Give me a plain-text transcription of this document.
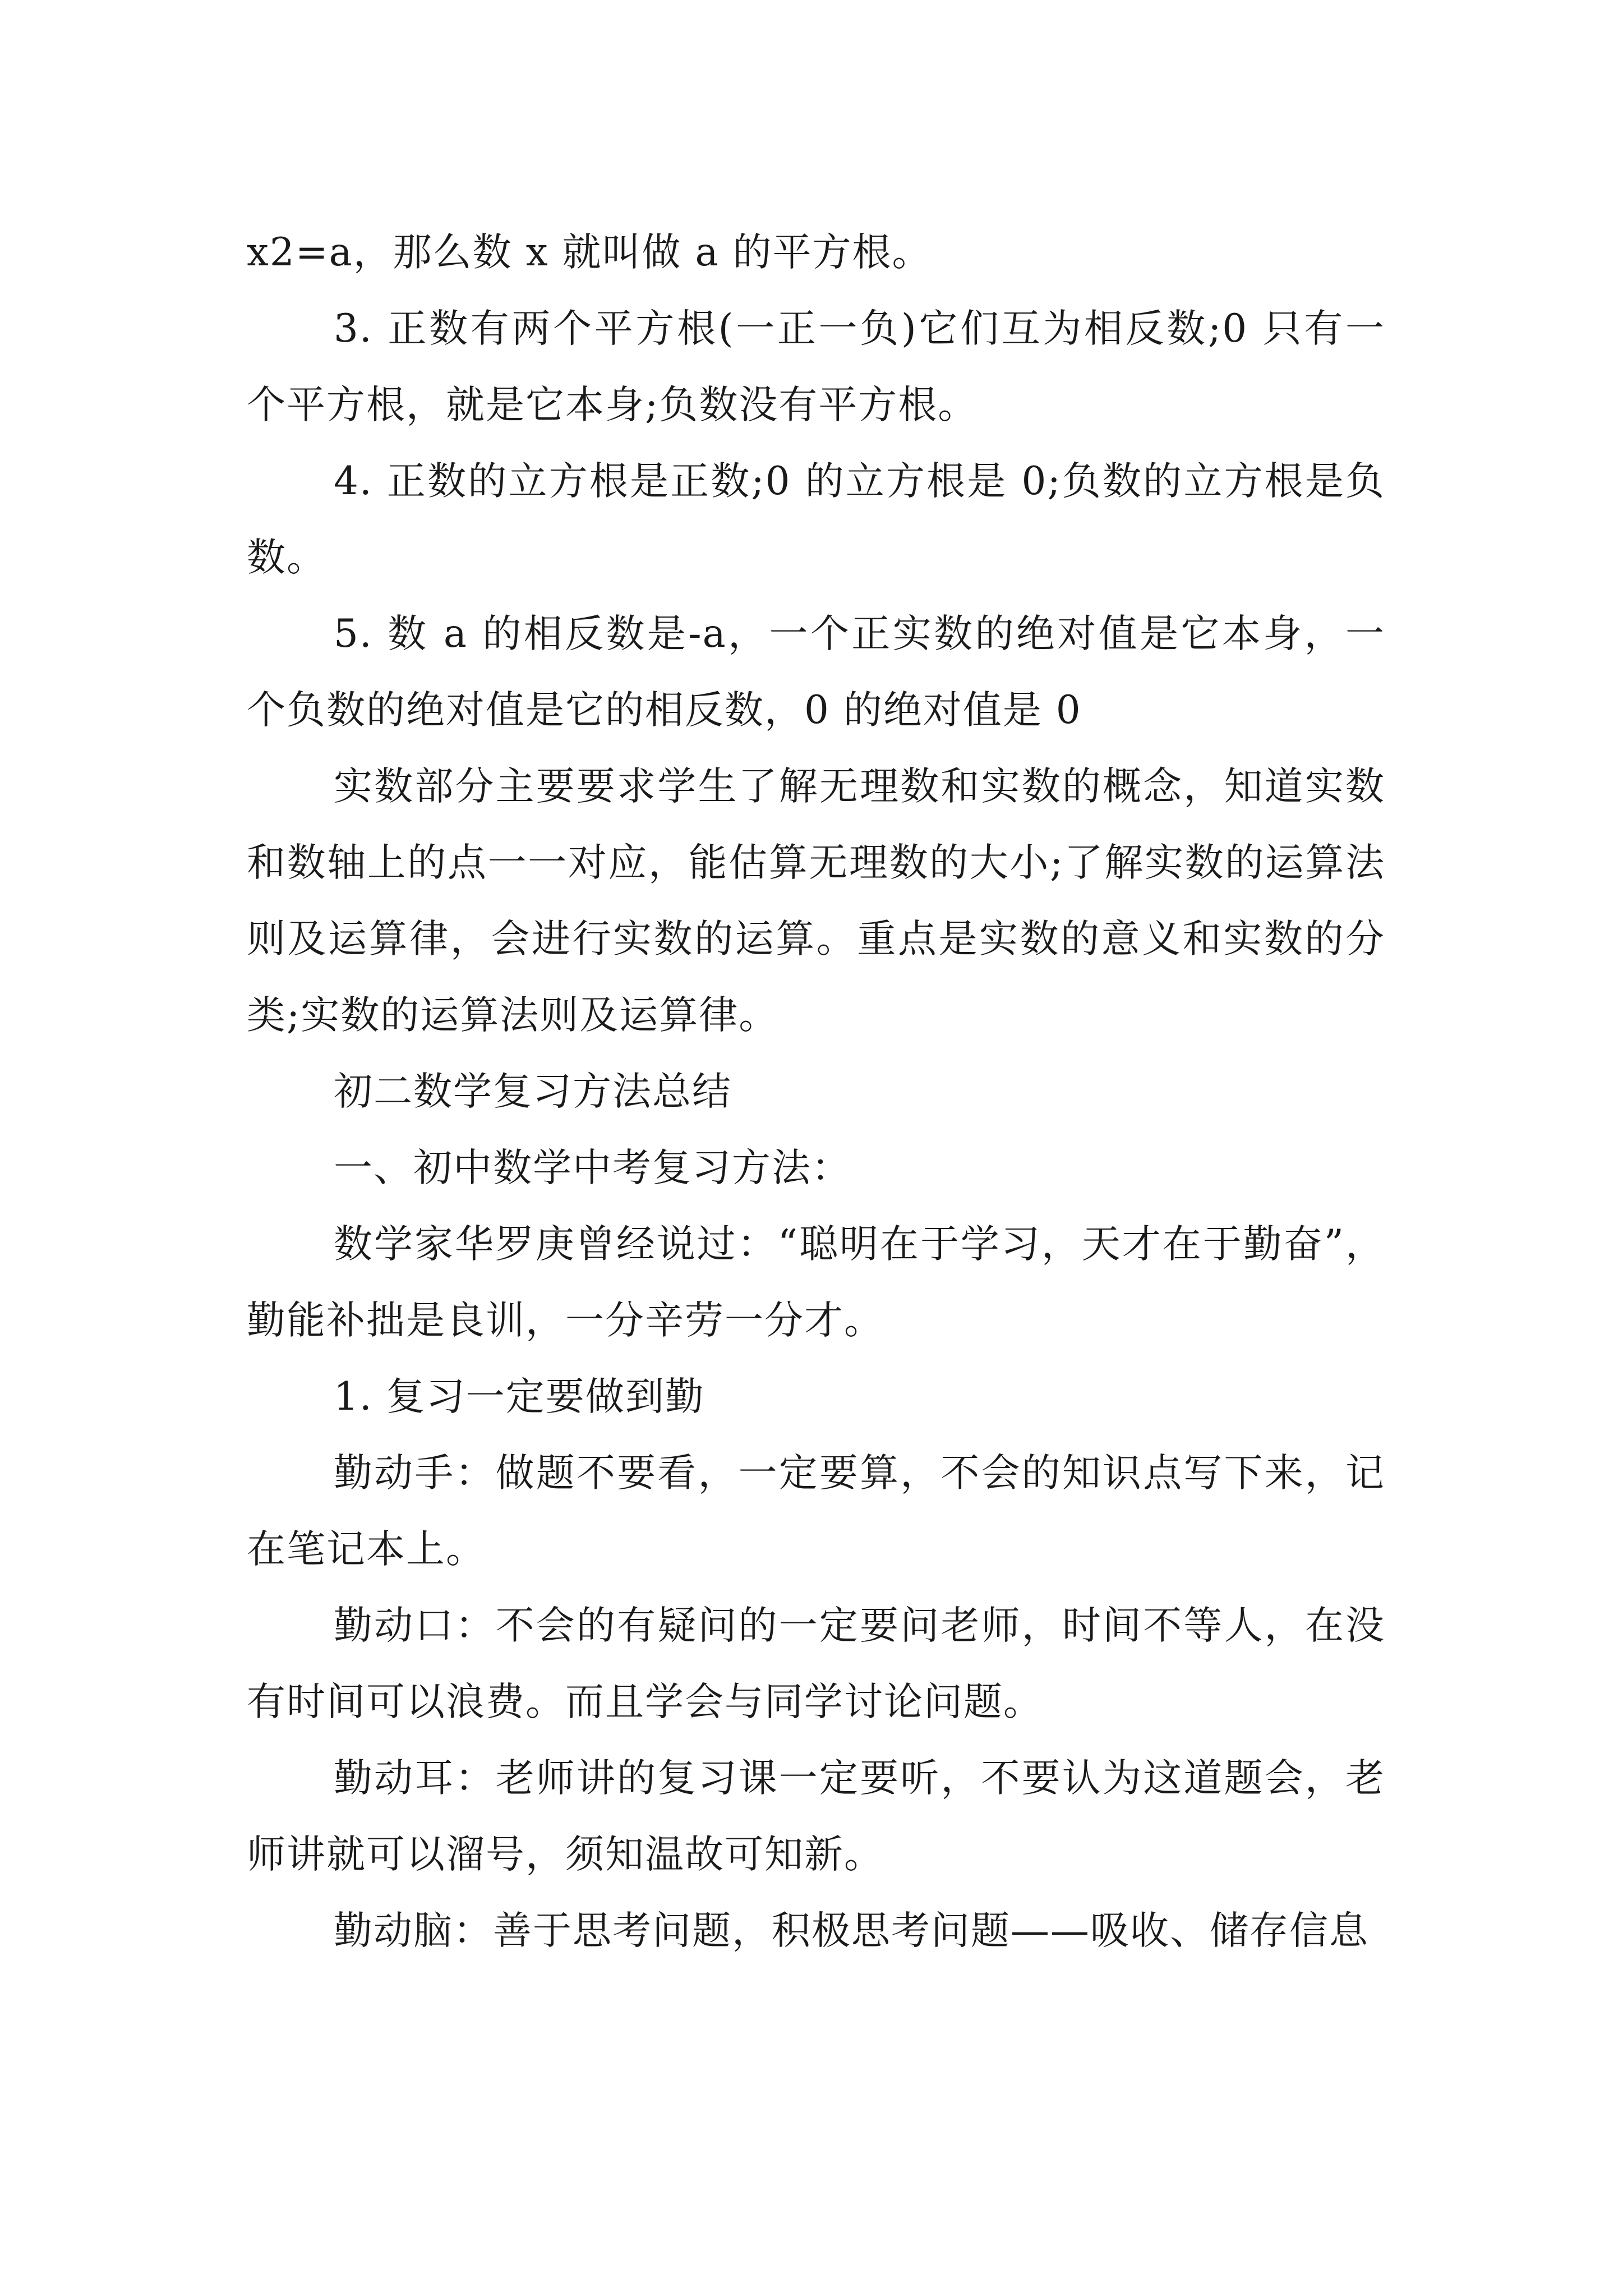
x2=a，那么数 x 就叫做 a 的平方根。

3. 正数有两个平方根(一正一负)它们互为相反数;0 只有一个平方根，就是它本身;负数没有平方根。

4. 正数的立方根是正数;0 的立方根是 0;负数的立方根是负数。

5. 数 a 的相反数是-a，一个正实数的绝对值是它本身，一个负数的绝对值是它的相反数，0 的绝对值是 0

实数部分主要要求学生了解无理数和实数的概念，知道实数和数轴上的点一一对应，能估算无理数的大小;了解实数的运算法则及运算律，会进行实数的运算。重点是实数的意义和实数的分类;实数的运算法则及运算律。

初二数学复习方法总结

一、初中数学中考复习方法：

数学家华罗庚曾经说过：“聪明在于学习，天才在于勤奋”，勤能补拙是良训，一分辛劳一分才。

1. 复习一定要做到勤

勤动手：做题不要看，一定要算，不会的知识点写下来，记在笔记本上。

勤动口：不会的有疑问的一定要问老师，时间不等人，在没有时间可以浪费。而且学会与同学讨论问题。

勤动耳：老师讲的复习课一定要听，不要认为这道题会，老师讲就可以溜号，须知温故可知新。

勤动脑：善于思考问题，积极思考问题——吸收、储存信息
